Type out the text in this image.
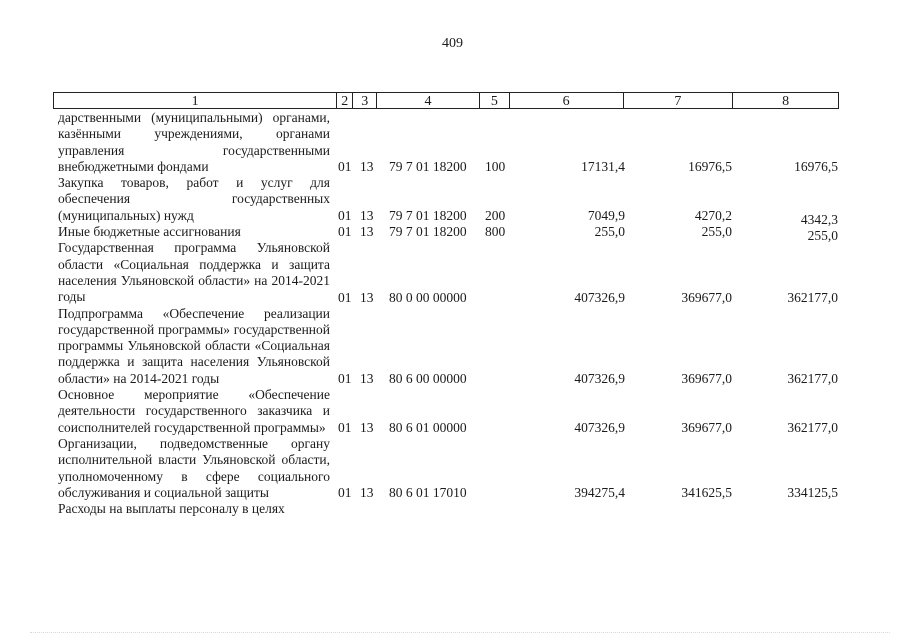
409
1	2 3	4	5	6	7	8
дарственными (муниципальными) органами, казёнными учреждениями, органами управления государственными внебюджетными фондами	01 13 79 7 01 18200 100	17131,4	16976,5	16976,5
Закупка товаров, работ и услуг для обеспечения государственных (муниципальных) нужд	01 13 79 7 01 18200 200	7049,9	4270,2	4342,3
Иные бюджетные ассигнования	01 13 79 7 01 18200 800	255,0	255,0	255,0
Государственная программа Ульяновской области «Социальная поддержка и защита населения Ульяновской области» на 2014-2021 годы	01 13 80 0 00 00000	407326,9	369677,0	362177,0
Подпрограмма «Обеспечение реализации государственной программы» государственной программы Ульяновской области «Социальная поддержка и защита населения Ульяновской области» на 2014-2021 годы	01 13 80 6 00 00000	407326,9	369677,0	362177,0
Основное мероприятие «Обеспечение деятельности государственного заказчика и соисполнителей государственной программы» 01 13 80 6 01 00000	407326,9	369677,0	362177,0
Организации, подведомственные органу исполнительной власти Ульяновской области, уполномоченному в сфере социального обслуживания и социальной защиты	01 13 80 6 01 17010	394275,4	341625,5	334125,5
Расходы на выплаты персоналу в целях
